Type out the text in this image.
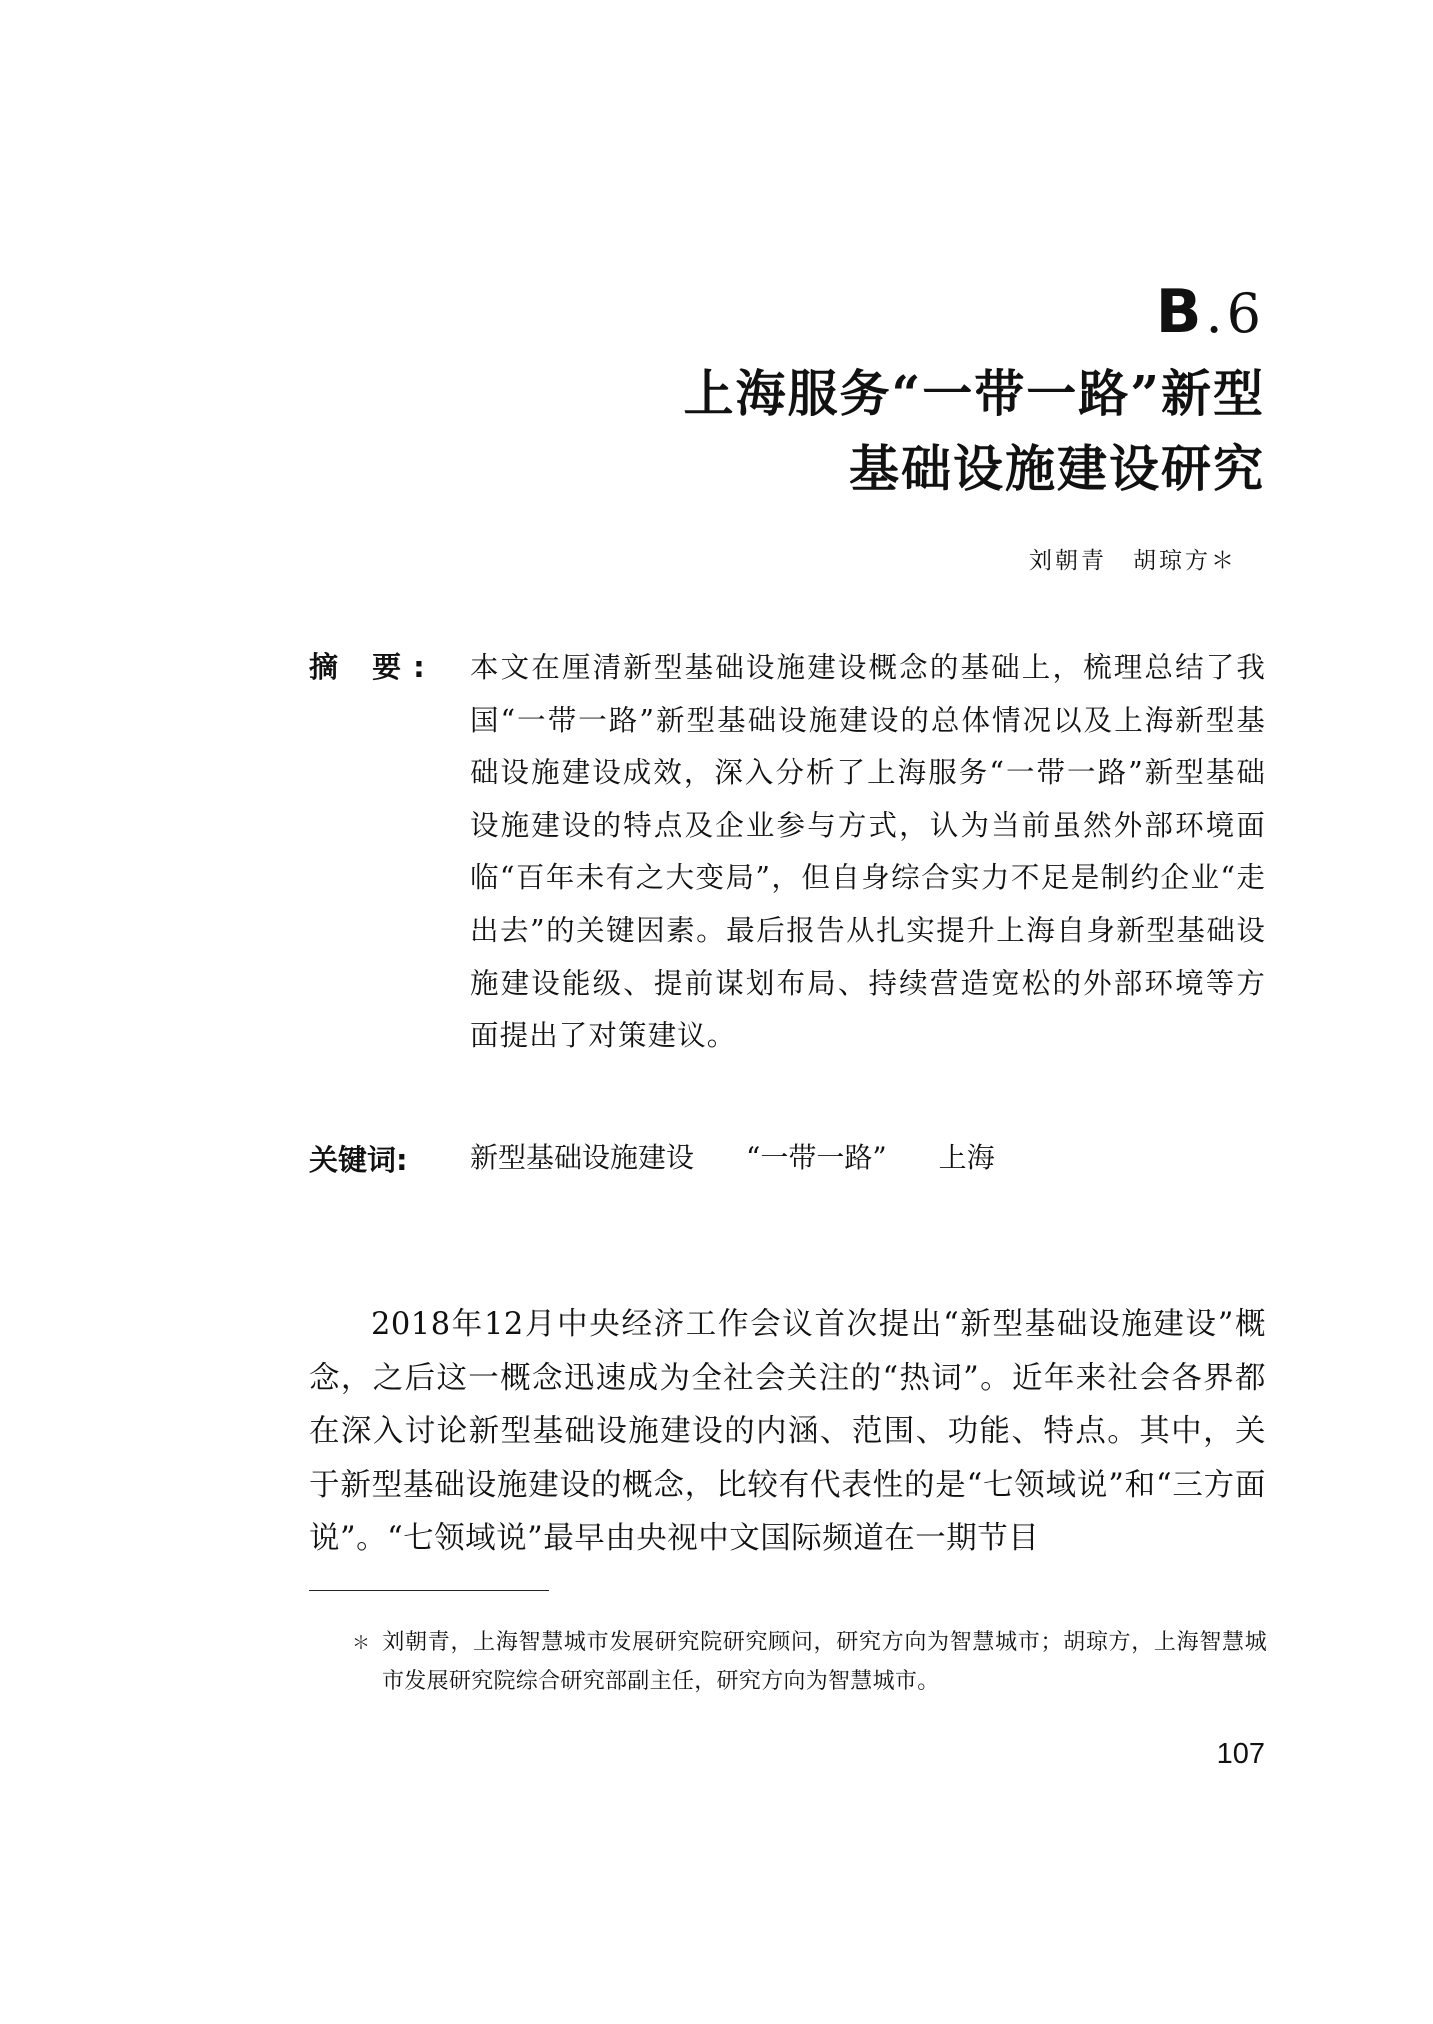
B.6
上海服务“一带一路”新型
基础设施建设研究
刘朝青　胡琼方＊
摘 要: 本文在厘清新型基础设施建设概念的基础上，梳理总结了我国“一带一路”新型基础设施建设的总体情况以及上海新型基础设施建设成效，深入分析了上海服务“一带一路”新型基础设施建设的特点及企业参与方式，认为当前虽然外部环境面临“百年未有之大变局”，但自身综合实力不足是制约企业“走出去”的关键因素。最后报告从扎实提升上海自身新型基础设施建设能级、提前谋划布局、持续营造宽松的外部环境等方面提出了对策建议。
关键词: 新型基础设施建设 “一带一路” 上海
2018年12月中央经济工作会议首次提出“新型基础设施建设”概念，之后这一概念迅速成为全社会关注的“热词”。近年来社会各界都在深入讨论新型基础设施建设的内涵、范围、功能、特点。其中，关于新型基础设施建设的概念，比较有代表性的是“七领域说”和“三方面说”。“七领域说”最早由央视中文国际频道在一期节目
＊ 刘朝青，上海智慧城市发展研究院研究顾问，研究方向为智慧城市；胡琼方，上海智慧城市发展研究院综合研究部副主任，研究方向为智慧城市。
107
